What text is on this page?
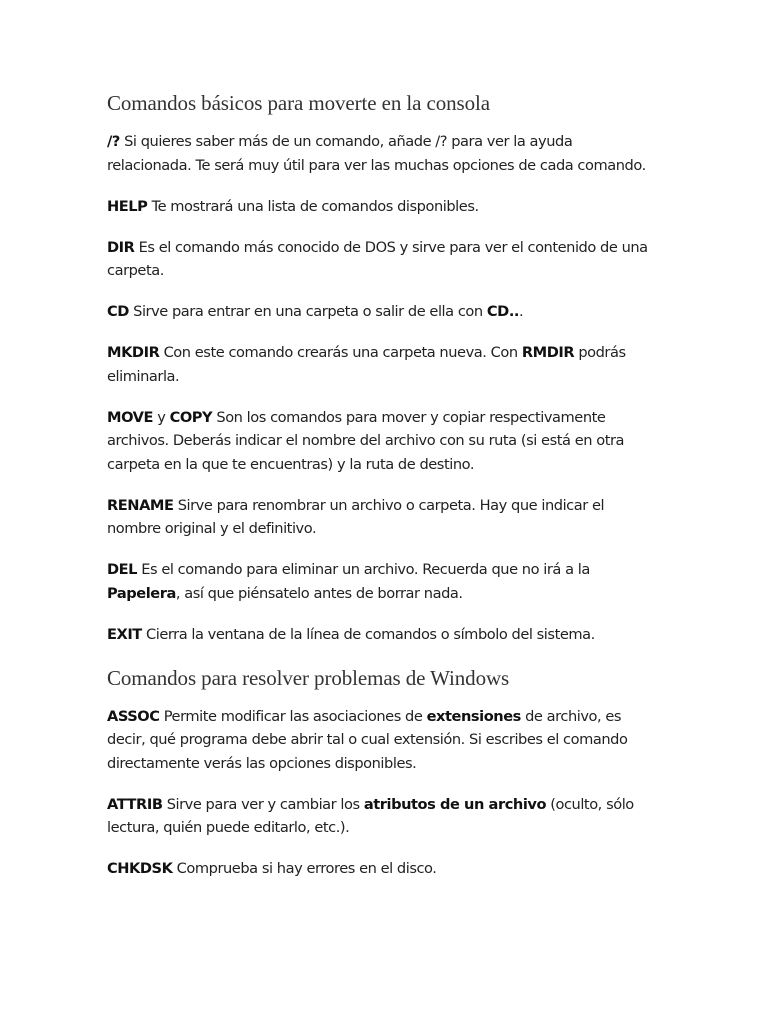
Comandos básicos para moverte en la consola

/? Si quieres saber más de un comando, añade /? para ver la ayuda relacionada. Te será muy útil para ver las muchas opciones de cada comando.

HELP Te mostrará una lista de comandos disponibles.

DIR Es el comando más conocido de DOS y sirve para ver el contenido de una carpeta.

CD Sirve para entrar en una carpeta o salir de ella con CD...

MKDIR Con este comando crearás una carpeta nueva. Con RMDIR podrás eliminarla.

MOVE y COPY Son los comandos para mover y copiar respectivamente archivos. Deberás indicar el nombre del archivo con su ruta (si está en otra carpeta en la que te encuentras) y la ruta de destino.

RENAME Sirve para renombrar un archivo o carpeta. Hay que indicar el nombre original y el definitivo.

DEL Es el comando para eliminar un archivo. Recuerda que no irá a la Papelera, así que piénsatelo antes de borrar nada.

EXIT Cierra la ventana de la línea de comandos o símbolo del sistema.

Comandos para resolver problemas de Windows

ASSOC Permite modificar las asociaciones de extensiones de archivo, es decir, qué programa debe abrir tal o cual extensión. Si escribes el comando directamente verás las opciones disponibles.

ATTRIB Sirve para ver y cambiar los atributos de un archivo (oculto, sólo lectura, quién puede editarlo, etc.).

CHKDSK Comprueba si hay errores en el disco.
